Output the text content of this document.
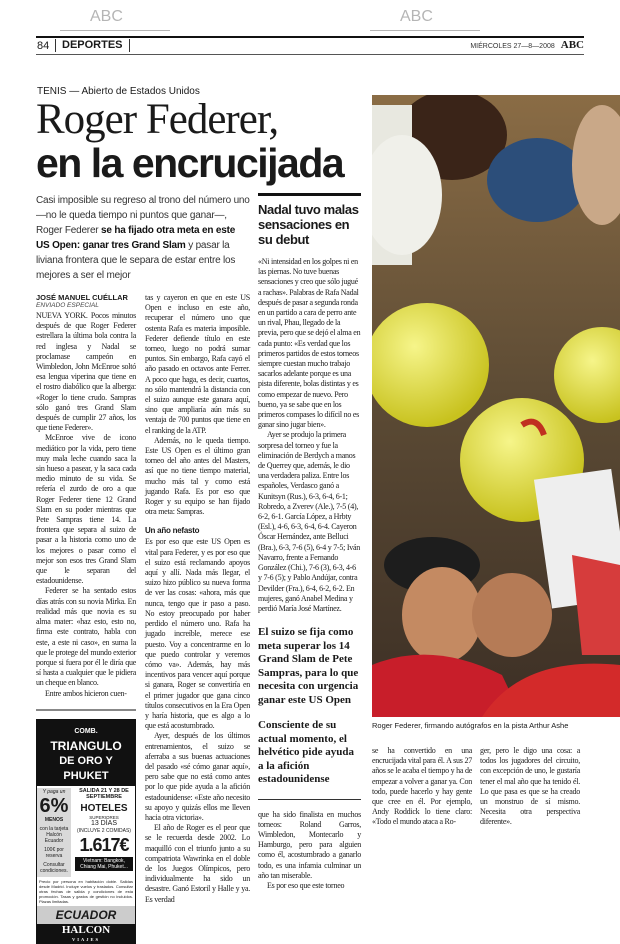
ABC	ABC
84	DEPORTES	MIÉRCOLES 27—8—2008 ABC
TENIS — Abierto de Estados Unidos
Roger Federer,
en la encrucijada
Casi imposible su regreso al trono del número uno —no le queda tiempo ni puntos que ganar—, Roger Federer se ha fijado otra meta en este US Open: ganar tres Grand Slam y pasar la liviana frontera que le separa de estar entre los mejores a ser el mejor
JOSÉ MANUEL CUÉLLAR
ENVIADO ESPECIAL

NUEVA YORK. Pocos minutos después de que Roger Federer estrellara la última bola contra la red inglesa y Nadal se proclamase campeón en Wimbledon, John McEnroe soltó esa lengua viperina que tiene en el rostro diabólico que la alberga: «Roger lo tiene crudo. Sampras sólo ganó tres Grand Slam después de cumplir 27 años, los que tiene Federer».

McEnroe vive de icono mediático por la vida, pero tiene muy mala leche cuando saca la sin hueso a pasear, y la saca cada medio minuto de su vida. Se refería el zurdo de oro a que Roger Federer tiene 12 Grand Slam en su poder mientras que Pete Sampras tiene 14. La frontera que separa al suizo de pasar a la historia como uno de los mejores o pasar como el mejor son esos tres Grand Slam que le separan del estadounidense.

Federer se ha sentado estos días atrás con su novia Mirka. En realidad más que novia es su alma mater: «haz esto, esto no, firma este contrato, habla con este, a este ni caso», en suma la que le protege del mundo exterior porque si fuera por él le diría que sí hasta a cualquier que le pidiera un cheque en blanco.

Entre ambos hicieron cuen-

COMB. TRIANGULO
DE ORO Y PHUKET
Y paga un
6%
MENOS
con la tarjeta Halcón Ecuador
100€ por reserva
Consultar condiciones.
SALIDA 21 Y 28 DE SEPTIEMBRE
HOTELES
SUPERIORES
13 DÍAS
(INCLUYE 2 COMIDAS)
1.617€
Vietnam: Bangkok, Chiang Mai, Phuket...
Precio por persona en habitación doble. Salidas desde Madrid. Incluye vuelos y traslados. Consultar otras fechas de salida y condiciones de esta promoción. Tasas y gastos de gestión no incluidos. Plazas limitadas.
ECUADOR
HALCON
VIAJES

tas y cayeron en que en este US Open e incluso en este año, recuperar el número uno que ostenta Rafa es materia imposible. Federer defiende título en este torneo, luego no podrá sumar puntos. Sin embargo, Rafa cayó el año pasado en octavos ante Ferrer. A poco que haga, es decir, cuartos, no sólo mantendrá la distancia con el suizo aunque este ganara aquí, sino que ampliaría aún más su ventaja de 700 puntos que tiene en el ranking de la ATP.

Además, no le queda tiempo. Este US Open es el último gran torneo del año antes del Masters, así que no tiene tiempo material, mucho más tal y como está jugando Rafa. Es por eso que Roger y su equipo se han fijado otra meta: Sampras.

Un año nefasto

Es por eso que este US Open es vital para Federer, y es por eso que el suizo está reclamando apoyos aquí y allí. Nada más llegar, el suizo hizo público su nueva forma de ver las cosas: «ahora, más que nunca, tengo que ir paso a paso. No estoy preocupado por haber perdido el número uno. Rafa ha jugado increíble, merece ese puesto. Voy a concentrarme en lo que puedo controlar y veremos cómo va». Además, hay más incentivos para vencer aquí porque si ganara, Roger se convertiría en el primer jugador que gana cinco títulos consecutivos en la Era Open y haría historia, que es algo a lo que está acostumbrado.

Ayer, después de los últimos entrenamientos, el suizo se aferraba a sus buenas actuaciones del pasado «sé cómo ganar aquí», pero sabe que no está como antes por lo que pide ayuda a la afición estadounidense: «Este año necesito su apoyo y quizás ellos me lleven hacia otra victoria».

El año de Roger es el peor que se le recuerda desde 2002. Lo maquilló con el triunfo junto a su compatriota Wawrinka en el doble de los Juegos Olímpicos, pero individualmente ha sido un desastre. Ganó Estoril y Halle y ya. Es verdad

Nadal tuvo malas sensaciones en su debut

«Ni intensidad en los golpes ni en las piernas. No tuve buenas sensaciones y creo que sólo jugué a rachas». Palabras de Rafa Nadal después de pasar a segunda ronda en un partido a cara de perro ante un rival, Phau, llegado de la previa, pero que se dejó el alma en cada punto: «Es verdad que los primeros partidos de estos torneos siempre cuestan mucho trabajo sacarlos adelante porque es una pista diferente, bolas distintas y es como empezar de nuevo. Pero bueno, ya se sabe que en los primeros compases lo difícil no es ganar sino jugar bien».

Ayer se produjo la primera sorpresa del torneo y fue la eliminación de Berdych a manos de Querrey que, además, le dio una verdadera paliza. Entre los españoles, Verdasco ganó a Kunitsyn (Rus.), 6-3, 6-4, 6-1; Robredo, a Zverev (Ale.), 7-5 (4), 6-2, 6-1. García López, a Hrbty (Esl.), 4-6, 6-3, 6-4, 6-4. Cayeron Óscar Hernández, ante Belluci (Bra.), 6-3, 7-6 (5), 6-4 y 7-5; Iván Navarro, frente a Fernando González (Chi.), 7-6 (3), 6-3, 4-6 y 7-6 (5); y Pablo Andújar, contra Devilder (Fra.), 6-4, 6-2, 6-2. En mujeres, ganó Anabel Medina y perdió María José Martínez.

El suizo se fija como meta superar los 14 Grand Slam de Pete Sampras, para lo que necesita con urgencia ganar este US Open
Consciente de su actual momento, el helvético pide ayuda a la afición estadounidense

que ha sido finalista en muchos torneos: Roland Garros, Wimbledon, Montecarlo y Hamburgo, pero para alguien como él, acostumbrado a ganarlo todo, es una infamia culminar un año tan miserable.

Es por eso que este torneo

Roger Federer, firmando autógrafos en la pista Arthur Ashe

se ha convertido en una encrucijada vital para él. A sus 27 años se le acaba el tiempo y ha de empezar a volver a ganar ya. Con todo, puede hacerlo y hay gente que cree en él. Por ejemplo, Andy Roddick lo tiene claro: «Todo el mundo ataca a Ro-

ger, pero le digo una cosa: a todos los jugadores del circuito, con excepción de uno, le gustaría tener el mal año que ha tenido él. Lo que pasa es que se ha creado un monstruo de sí mismo. Necesita otra perspectiva diferente».
